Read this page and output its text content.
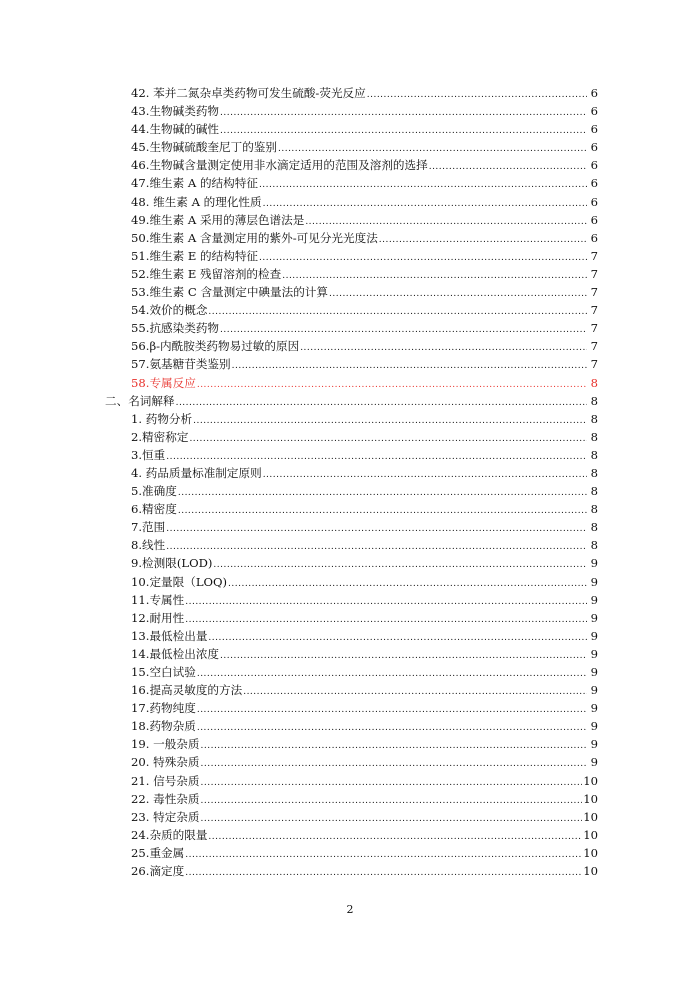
42. 苯并二氮杂卓类药物可发生硫酸-荧光反应 .....	6
43.生物碱类药物 .....	6
44.生物碱的碱性 .....	6
45.生物碱硫酸奎尼丁的鉴别 .....	6
46.生物碱含量测定使用非水滴定适用的范围及溶剂的选择 .....	6
47.维生素 A 的结构特征 .....	6
48. 维生素 A 的理化性质 .....	6
49.维生素 A 采用的薄层色谱法是 .....	6
50.维生素 A 含量测定用的紫外-可见分光光度法 .....	6
51.维生素 E 的结构特征 .....	7
52.维生素 E 残留溶剂的检查 .....	7
53.维生素 C 含量测定中碘量法的计算 .....	7
54.效价的概念 .....	7
55.抗感染类药物 .....	7
56.β-内酰胺类药物易过敏的原因 .....	7
57.氨基糖苷类鉴别 .....	7
58.专属反应 .....	8
二、名词解释 .....	8
1. 药物分析 .....	8
2.精密称定 .....	8
3.恒重 .....	8
4. 药品质量标准制定原则 .....	8
5.准确度 .....	8
6.精密度 .....	8
7.范围 .....	8
8.线性 .....	8
9.检测限(LOD) .....	9
10.定量限（LOQ) .....	9
11.专属性 .....	9
12.耐用性 .....	9
13.最低检出量 .....	9
14.最低检出浓度 .....	9
15.空白试验 .....	9
16.提高灵敏度的方法 .....	9
17.药物纯度 .....	9
18.药物杂质 .....	9
19. 一般杂质 .....	9
20. 特殊杂质 .....	9
21. 信号杂质 .....	10
22. 毒性杂质 .....	10
23. 特定杂质 .....	10
24.杂质的限量 .....	10
25.重金属 .....	10
26.滴定度 .....	10
2
